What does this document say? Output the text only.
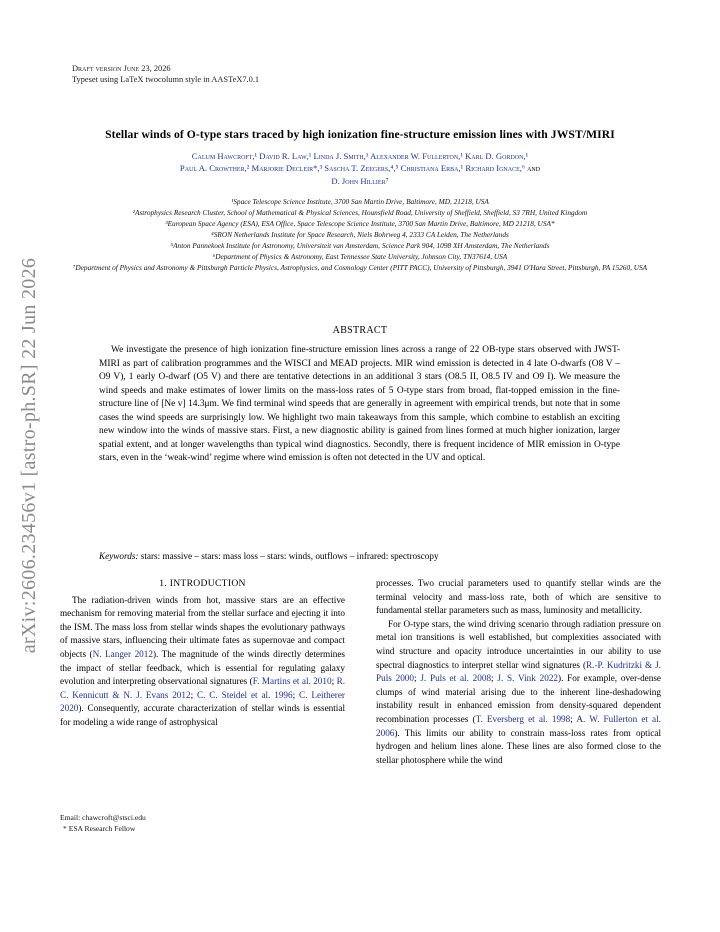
arXiv:2606.23456v1 [astro-ph.SR] 22 Jun 2026
Draft version June 23, 2026
Typeset using LaTeX twocolumn style in AASTeX7.0.1
Stellar winds of O-type stars traced by high ionization fine-structure emission lines with JWST/MIRI
Calum Hawcroft,¹ David R. Law,¹ Linda J. Smith,¹ Alexander W. Fullerton,¹ Karl D. Gordon,¹
Paul A. Crowther,² Marjorie Decleir*,³ Sascha T. Zeegers,⁴,⁵ Christiana Erba,¹ Richard Ignace,⁶ and
D. John Hillier⁷
¹Space Telescope Science Institute, 3700 San Martin Drive, Baltimore, MD, 21218, USA
²Astrophysics Research Cluster, School of Mathematical & Physical Sciences, Hounsfield Road, University of Sheffield, Sheffield, S3 7RH, United Kingdom
³European Space Agency (ESA), ESA Office, Space Telescope Science Institute, 3700 San Martin Drive, Baltimore, MD 21218, USA*
⁴SRON Netherlands Institute for Space Research, Niels Bohrweg 4, 2333 CA Leiden, The Netherlands
⁵Anton Pannekoek Institute for Astronomy, Universiteit van Amsterdam, Science Park 904, 1098 XH Amsterdam, The Netherlands
⁶Department of Physics & Astronomy, East Tennessee State University, Johnson City, TN37614, USA
⁷Department of Physics and Astronomy & Pittsburgh Particle Physics, Astrophysics, and Cosmology Center (PITT PACC), University of Pittsburgh, 3941 O'Hara Street, Pittsburgh, PA 15260, USA
ABSTRACT
We investigate the presence of high ionization fine-structure emission lines across a range of 22 OB-type stars observed with JWST-MIRI as part of calibration programmes and the WISCI and MEAD projects. MIR wind emission is detected in 4 late O-dwarfs (O8 V – O9 V), 1 early O-dwarf (O5 V) and there are tentative detections in an additional 3 stars (O8.5 II, O8.5 IV and O9 I). We measure the wind speeds and make estimates of lower limits on the mass-loss rates of 5 O-type stars from broad, flat-topped emission in the fine-structure line of [Ne v] 14.3μm. We find terminal wind speeds that are generally in agreement with empirical trends, but note that in some cases the wind speeds are surprisingly low. We highlight two main takeaways from this sample, which combine to establish an exciting new window into the winds of massive stars. First, a new diagnostic ability is gained from lines formed at much higher ionization, larger spatial extent, and at longer wavelengths than typical wind diagnostics. Secondly, there is frequent incidence of MIR emission in O-type stars, even in the ‘weak-wind’ regime where wind emission is often not detected in the UV and optical.
Keywords: stars: massive – stars: mass loss – stars: winds, outflows – infrared: spectroscopy
1. INTRODUCTION

The radiation-driven winds from hot, massive stars are an effective mechanism for removing material from the stellar surface and ejecting it into the ISM. The mass loss from stellar winds shapes the evolutionary pathways of massive stars, influencing their ultimate fates as supernovae and compact objects (N. Langer 2012). The magnitude of the winds directly determines the impact of stellar feedback, which is essential for regulating galaxy evolution and interpreting observational signatures (F. Martins et al. 2010; R. C. Kennicutt & N. J. Evans 2012; C. C. Steidel et al. 1996; C. Leitherer 2020). Consequently, accurate characterization of stellar winds is essential for modeling a wide range of astrophysical

Email: chawcroft@stsci.edu
* ESA Research Fellow

processes. Two crucial parameters used to quantify stellar winds are the terminal velocity and mass-loss rate, both of which are sensitive to fundamental stellar parameters such as mass, luminosity and metallicity.

For O-type stars, the wind driving scenario through radiation pressure on metal ion transitions is well established, but complexities associated with wind structure and opacity introduce uncertainties in our ability to use spectral diagnostics to interpret stellar wind signatures (R.-P. Kudritzki & J. Puls 2000; J. Puls et al. 2008; J. S. Vink 2022). For example, over-dense clumps of wind material arising due to the inherent line-deshadowing instability result in enhanced emission from density-squared dependent recombination processes (T. Eversberg et al. 1998; A. W. Fullerton et al. 2006). This limits our ability to constrain mass-loss rates from optical hydrogen and helium lines alone. These lines are also formed close to the stellar photosphere while the wind
